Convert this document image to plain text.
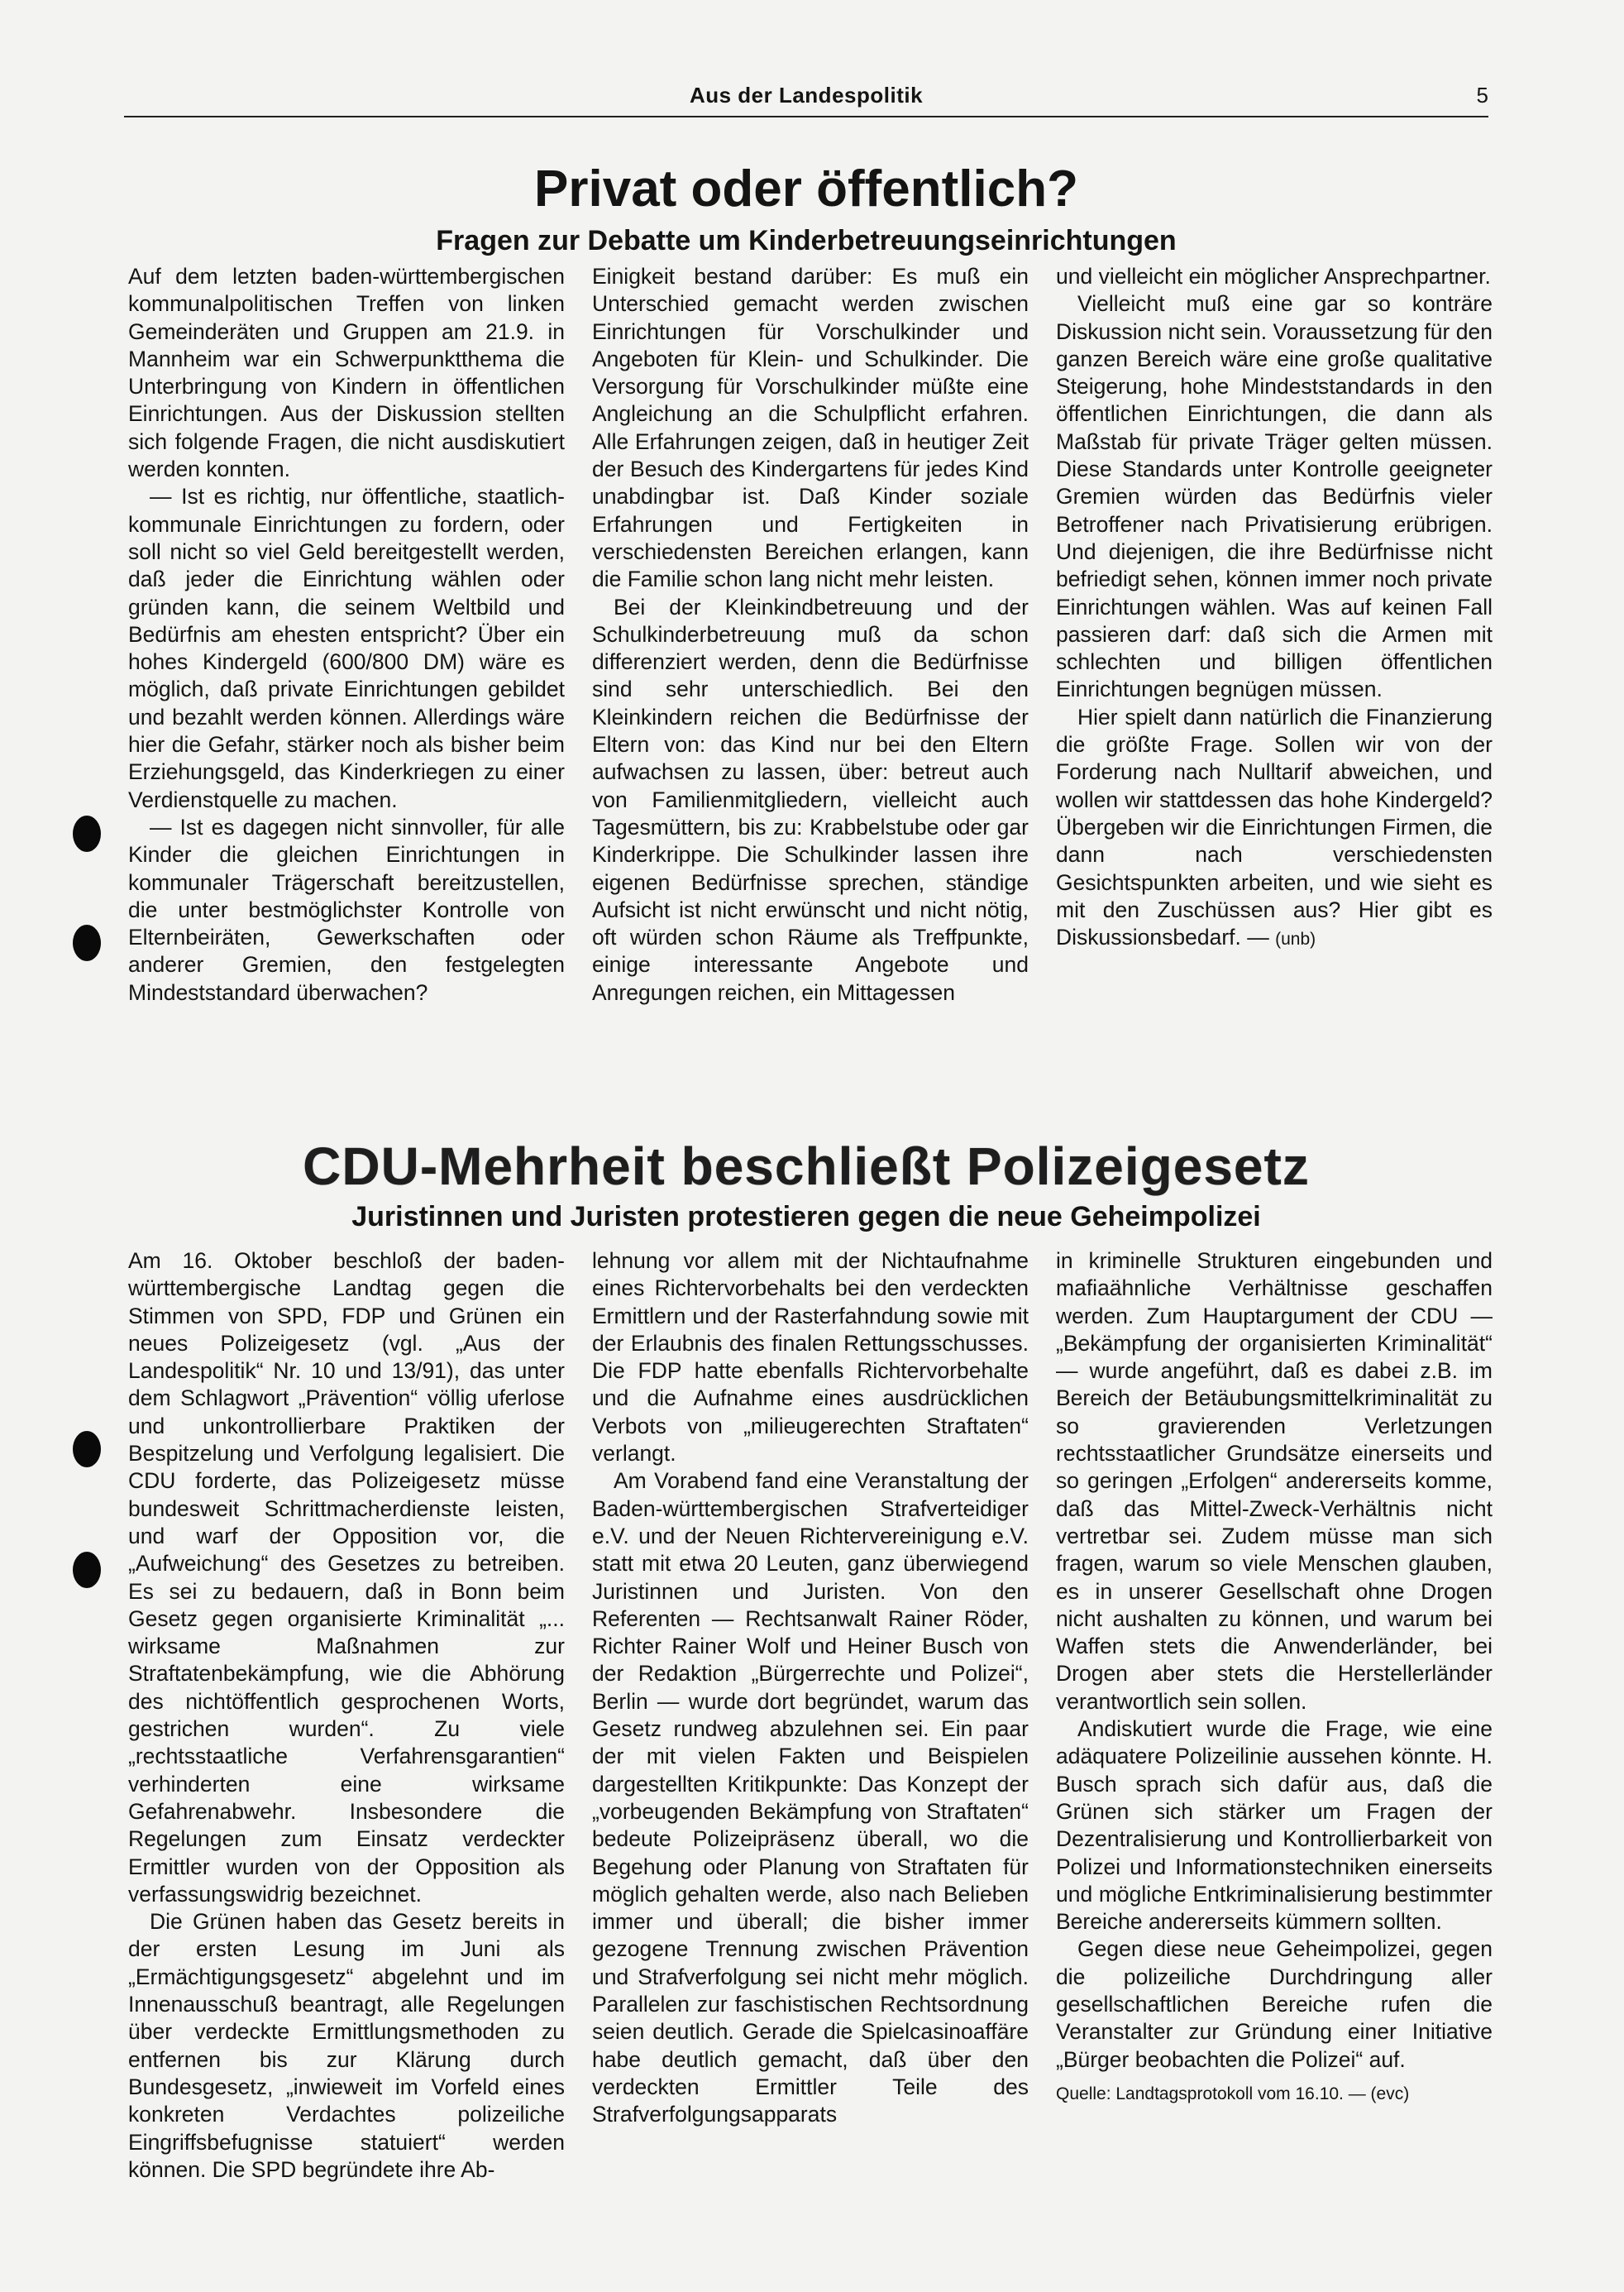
Aus der Landespolitik	5
Privat oder öffentlich?
Fragen zur Debatte um Kinderbetreuungseinrichtungen

Auf dem letzten baden-württembergischen kommunalpolitischen Treffen von linken Gemeinderäten und Gruppen am 21.9. in Mannheim war ein Schwerpunktthema die Unterbringung von Kindern in öffentlichen Einrichtungen. Aus der Diskussion stellten sich folgende Fragen, die nicht ausdiskutiert werden konnten.

— Ist es richtig, nur öffentliche, staatlich-kommunale Einrichtungen zu fordern, oder soll nicht so viel Geld bereitgestellt werden, daß jeder die Einrichtung wählen oder gründen kann, die seinem Weltbild und Bedürfnis am ehesten entspricht? Über ein hohes Kindergeld (600/800 DM) wäre es möglich, daß private Einrichtungen gebildet und bezahlt werden können. Allerdings wäre hier die Gefahr, stärker noch als bisher beim Erziehungsgeld, das Kinderkriegen zu einer Verdienstquelle zu machen.

— Ist es dagegen nicht sinnvoller, für alle Kinder die gleichen Einrichtungen in kommunaler Trägerschaft bereitzustellen, die unter bestmöglichster Kontrolle von Elternbeiräten, Gewerkschaften oder anderer Gremien, den festgelegten Mindeststandard überwachen?

Einigkeit bestand darüber: Es muß ein Unterschied gemacht werden zwischen Einrichtungen für Vorschulkinder und Angeboten für Klein- und Schulkinder. Die Versorgung für Vorschulkinder müßte eine Angleichung an die Schulpflicht erfahren. Alle Erfahrungen zeigen, daß in heutiger Zeit der Besuch des Kindergartens für jedes Kind unabdingbar ist. Daß Kinder soziale Erfahrungen und Fertigkeiten in verschiedensten Bereichen erlangen, kann die Familie schon lang nicht mehr leisten.

Bei der Kleinkindbetreuung und der Schulkinderbetreuung muß da schon differenziert werden, denn die Bedürfnisse sind sehr unterschiedlich. Bei den Kleinkindern reichen die Bedürfnisse der Eltern von: das Kind nur bei den Eltern aufwachsen zu lassen, über: betreut auch von Familienmitgliedern, vielleicht auch Tagesmüttern, bis zu: Krabbelstube oder gar Kinderkrippe. Die Schulkinder lassen ihre eigenen Bedürfnisse sprechen, ständige Aufsicht ist nicht erwünscht und nicht nötig, oft würden schon Räume als Treffpunkte, einige interessante Angebote und Anregungen reichen, ein Mittagessen

und vielleicht ein möglicher Ansprechpartner.

Vielleicht muß eine gar so konträre Diskussion nicht sein. Voraussetzung für den ganzen Bereich wäre eine große qualitative Steigerung, hohe Mindeststandards in den öffentlichen Einrichtungen, die dann als Maßstab für private Träger gelten müssen. Diese Standards unter Kontrolle geeigneter Gremien würden das Bedürfnis vieler Betroffener nach Privatisierung erübrigen. Und diejenigen, die ihre Bedürfnisse nicht befriedigt sehen, können immer noch private Einrichtungen wählen. Was auf keinen Fall passieren darf: daß sich die Armen mit schlechten und billigen öffentlichen Einrichtungen begnügen müssen.

Hier spielt dann natürlich die Finanzierung die größte Frage. Sollen wir von der Forderung nach Nulltarif abweichen, und wollen wir stattdessen das hohe Kindergeld? Übergeben wir die Einrichtungen Firmen, die dann nach verschiedensten Gesichtspunkten arbeiten, und wie sieht es mit den Zuschüssen aus? Hier gibt es Diskussionsbedarf. — (unb)

CDU-Mehrheit beschließt Polizeigesetz
Juristinnen und Juristen protestieren gegen die neue Geheimpolizei

Am 16. Oktober beschloß der baden-württembergische Landtag gegen die Stimmen von SPD, FDP und Grünen ein neues Polizeigesetz (vgl. „Aus der Landespolitik“ Nr. 10 und 13/91), das unter dem Schlagwort „Prävention“ völlig uferlose und unkontrollierbare Praktiken der Bespitzelung und Verfolgung legalisiert. Die CDU forderte, das Polizeigesetz müsse bundesweit Schrittmacherdienste leisten, und warf der Opposition vor, die „Aufweichung“ des Gesetzes zu betreiben. Es sei zu bedauern, daß in Bonn beim Gesetz gegen organisierte Kriminalität „... wirksame Maßnahmen zur Straftatenbekämpfung, wie die Abhörung des nichtöffentlich gesprochenen Worts, gestrichen wurden“. Zu viele „rechtsstaatliche Verfahrensgarantien“ verhinderten eine wirksame Gefahrenabwehr. Insbesondere die Regelungen zum Einsatz verdeckter Ermittler wurden von der Opposition als verfassungswidrig bezeichnet.

Die Grünen haben das Gesetz bereits in der ersten Lesung im Juni als „Ermächtigungsgesetz“ abgelehnt und im Innenausschuß beantragt, alle Regelungen über verdeckte Ermittlungsmethoden zu entfernen bis zur Klärung durch Bundesgesetz, „inwieweit im Vorfeld eines konkreten Verdachtes polizeiliche Eingriffsbefugnisse statuiert“ werden können. Die SPD begründete ihre Ab-

lehnung vor allem mit der Nichtaufnahme eines Richtervorbehalts bei den verdeckten Ermittlern und der Rasterfahndung sowie mit der Erlaubnis des finalen Rettungsschusses. Die FDP hatte ebenfalls Richtervorbehalte und die Aufnahme eines ausdrücklichen Verbots von „milieugerechten Straftaten“ verlangt.

Am Vorabend fand eine Veranstaltung der Baden-württembergischen Strafverteidiger e.V. und der Neuen Richtervereinigung e.V. statt mit etwa 20 Leuten, ganz überwiegend Juristinnen und Juristen. Von den Referenten — Rechtsanwalt Rainer Röder, Richter Rainer Wolf und Heiner Busch von der Redaktion „Bürgerrechte und Polizei“, Berlin — wurde dort begründet, warum das Gesetz rundweg abzulehnen sei. Ein paar der mit vielen Fakten und Beispielen dargestellten Kritikpunkte: Das Konzept der „vorbeugenden Bekämpfung von Straftaten“ bedeute Polizeipräsenz überall, wo die Begehung oder Planung von Straftaten für möglich gehalten werde, also nach Belieben immer und überall; die bisher immer gezogene Trennung zwischen Prävention und Strafverfolgung sei nicht mehr möglich. Parallelen zur faschistischen Rechtsordnung seien deutlich. Gerade die Spielcasinoaffäre habe deutlich gemacht, daß über den verdeckten Ermittler Teile des Strafverfolgungsapparats

in kriminelle Strukturen eingebunden und mafiaähnliche Verhältnisse geschaffen werden. Zum Hauptargument der CDU — „Bekämpfung der organisierten Kriminalität“ — wurde angeführt, daß es dabei z.B. im Bereich der Betäubungsmittelkriminalität zu so gravierenden Verletzungen rechtsstaatlicher Grundsätze einerseits und so geringen „Erfolgen“ andererseits komme, daß das Mittel-Zweck-Verhältnis nicht vertretbar sei. Zudem müsse man sich fragen, warum so viele Menschen glauben, es in unserer Gesellschaft ohne Drogen nicht aushalten zu können, und warum bei Waffen stets die Anwenderländer, bei Drogen aber stets die Herstellerländer verantwortlich sein sollen.

Andiskutiert wurde die Frage, wie eine adäquatere Polizeilinie aussehen könnte. H. Busch sprach sich dafür aus, daß die Grünen sich stärker um Fragen der Dezentralisierung und Kontrollierbarkeit von Polizei und Informationstechniken einerseits und mögliche Entkriminalisierung bestimmter Bereiche andererseits kümmern sollten.

Gegen diese neue Geheimpolizei, gegen die polizeiliche Durchdringung aller gesellschaftlichen Bereiche rufen die Veranstalter zur Gründung einer Initiative „Bürger beobachten die Polizei“ auf.

Quelle: Landtagsprotokoll vom 16.10. — (evc)
